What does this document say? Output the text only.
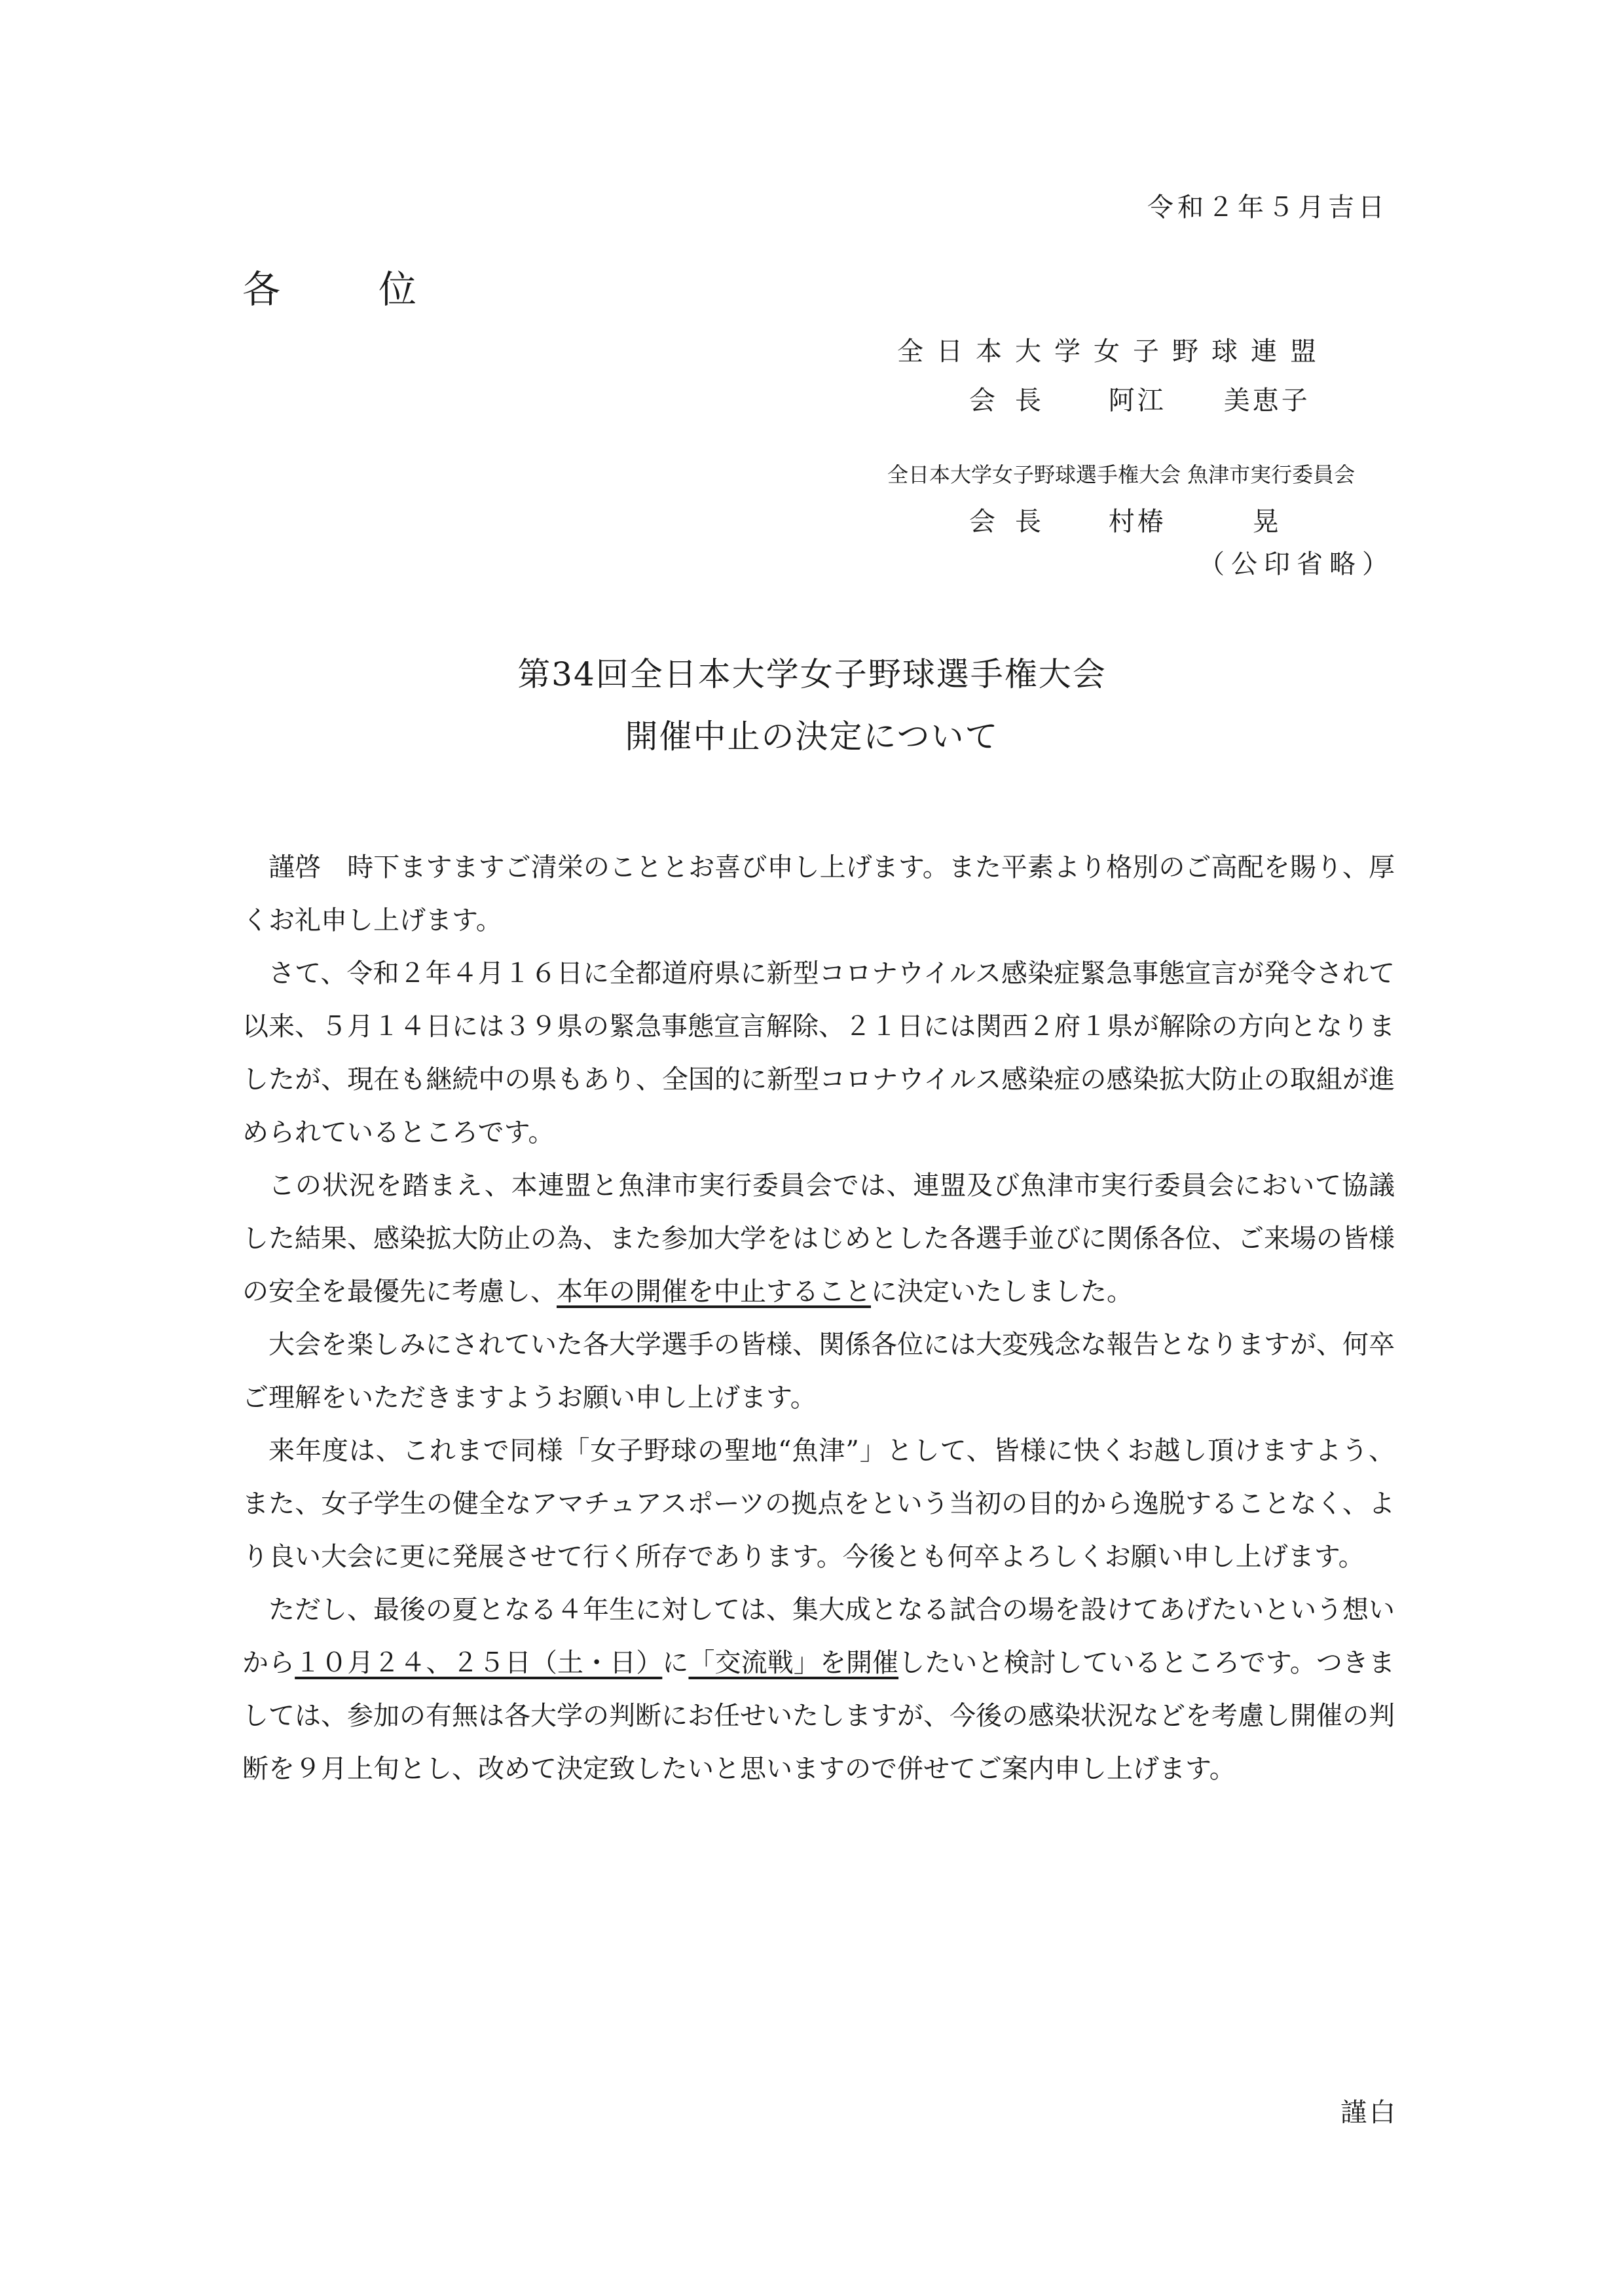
令和２年５月吉日
各位
全日本大学女子野球連盟
会長 阿江　　美恵子
全日本大学女子野球選手権大会 魚津市実行委員会
会長 村椿　　　晃
（公印省略）
第34回全日本大学女子野球選手権大会
開催中止の決定について

謹啓　時下ますますご清栄のこととお喜び申し上げます。また平素より格別のご高配を賜り、厚くお礼申し上げます。

さて、令和２年４月１６日に全都道府県に新型コロナウイルス感染症緊急事態宣言が発令されて以来、５月１４日には３９県の緊急事態宣言解除、２１日には関西２府１県が解除の方向となりましたが、現在も継続中の県もあり、全国的に新型コロナウイルス感染症の感染拡大防止の取組が進められているところです。

この状況を踏まえ、本連盟と魚津市実行委員会では、連盟及び魚津市実行委員会において協議した結果、感染拡大防止の為、また参加大学をはじめとした各選手並びに関係各位、ご来場の皆様の安全を最優先に考慮し、本年の開催を中止することに決定いたしました。

大会を楽しみにされていた各大学選手の皆様、関係各位には大変残念な報告となりますが、何卒ご理解をいただきますようお願い申し上げます。

来年度は、これまで同様「女子野球の聖地“魚津”」として、皆様に快くお越し頂けますよう、また、女子学生の健全なアマチュアスポーツの拠点をという当初の目的から逸脱することなく、より良い大会に更に発展させて行く所存であります。今後とも何卒よろしくお願い申し上げます。

ただし、最後の夏となる４年生に対しては、集大成となる試合の場を設けてあげたいという想いから１０月２４、２５日（土・日）に「交流戦」を開催したいと検討しているところです。つきましては、参加の有無は各大学の判断にお任せいたしますが、今後の感染状況などを考慮し開催の判断を９月上旬とし、改めて決定致したいと思いますので併せてご案内申し上げます。

謹白
